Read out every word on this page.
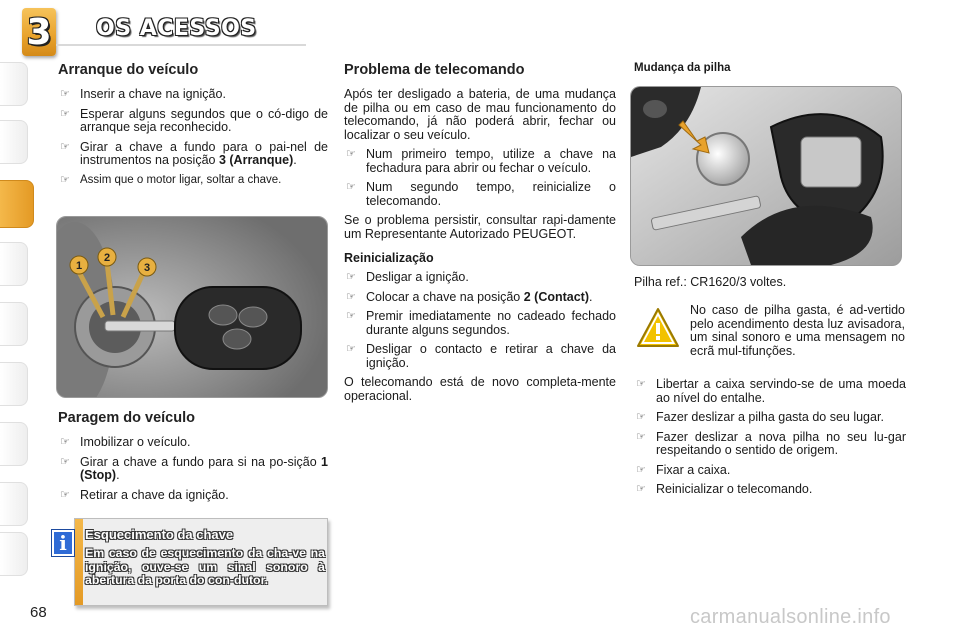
3 OS ACESSOS
Arranque do veículo
☞ Inserir a chave na ignição.
☞ Esperar alguns segundos que o có-digo de arranque seja reconhecido.
☞ Girar a chave a fundo para o pai-nel de instrumentos na posição 3 (Arranque).
☞ Assim que o motor ligar, soltar a chave.
1
2
3
Paragem do veículo
☞ Imobilizar o veículo.
☞ Girar a chave a fundo para si na po-sição 1 (Stop).
☞ Retirar a chave da ignição.
Esquecimento da chave
Em caso de esquecimento da cha-ve na ignição, ouve-se um sinal sonoro à abertura da porta do con-dutor.
i
Problema de telecomando

Após ter desligado a bateria, de uma mudança de pilha ou em caso de mau funcionamento do telecomando, já não poderá abrir, fechar ou localizar o seu veículo.

☞ Num primeiro tempo, utilize a chave na fechadura para abrir ou fechar o veículo.
☞ Num segundo tempo, reinicialize o telecomando.

Se o problema persistir, consultar rapi-damente um Representante Autorizado PEUGEOT.

Reinicialização
☞ Desligar a ignição.
☞ Colocar a chave na posição 2 (Contact).
☞ Premir imediatamente no cadeado fechado durante alguns segundos.
☞ Desligar o contacto e retirar a chave da ignição.

O telecomando está de novo completa-mente operacional.

Mudança da pilha

Pilha ref.: CR1620/3 voltes.

No caso de pilha gasta, é ad-vertido pelo acendimento desta luz avisadora, um sinal sonoro e uma mensagem no ecrã mul-tifunções.

☞ Libertar a caixa servindo-se de uma moeda ao nível do entalhe.
☞ Fazer deslizar a pilha gasta do seu lugar.
☞ Fazer deslizar a nova pilha no seu lu-gar respeitando o sentido de origem.
☞ Fixar a caixa.
☞ Reinicializar o telecomando.
68	carmanualsonline.info
